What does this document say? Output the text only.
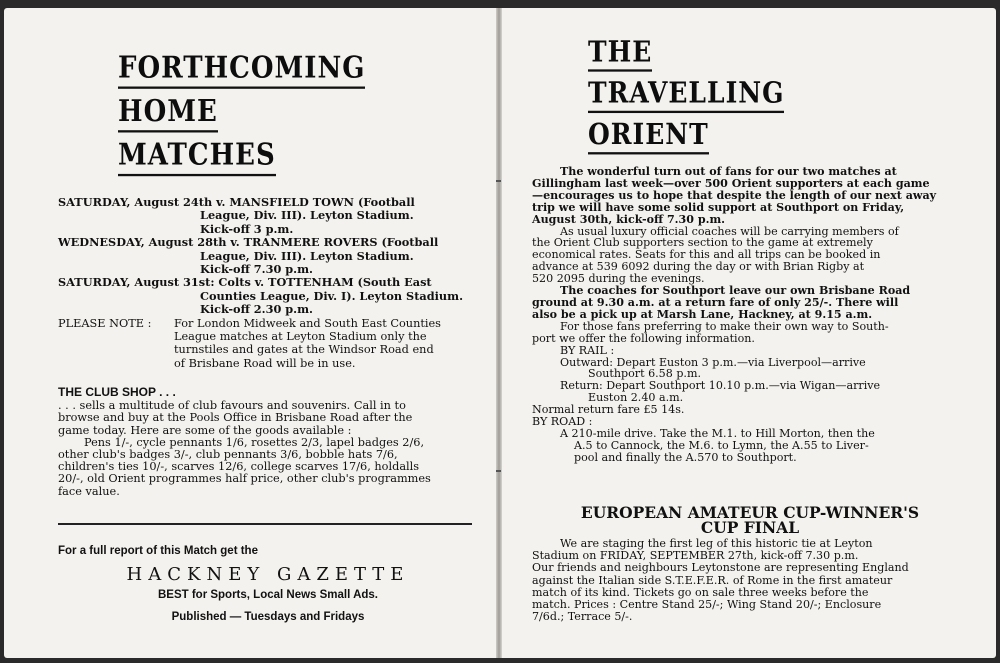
FORTHCOMING

HOME

MATCHES

SATURDAY, August 24th v. MANSFIELD TOWN (Football

League, Div. III). Leyton Stadium.

Kick-off 3 p.m.

WEDNESDAY, August 28th v. TRANMERE ROVERS (Football

League, Div. III). Leyton Stadium.

Kick-off 7.30 p.m.

SATURDAY, August 31st: Colts v. TOTTENHAM (South East

Counties League, Div. I). Leyton Stadium.

Kick-off 2.30 p.m.

PLEASE NOTE :	For London Midweek and South East Counties

League matches at Leyton Stadium only the

turnstiles and gates at the Windsor Road end

of Brisbane Road will be in use.

THE CLUB SHOP . . .

. . . sells a multitude of club favours and souvenirs. Call in to

browse and buy at the Pools Office in Brisbane Road after the

game today. Here are some of the goods available :

Pens 1/-, cycle pennants 1/6, rosettes 2/3, lapel badges 2/6,

other club's badges 3/-, club pennants 3/6, bobble hats 7/6,

children's ties 10/-, scarves 12/6, college scarves 17/6, holdalls

20/-, old Orient programmes half price, other club's programmes

face value.

For a full report of this Match get the

HACKNEY GAZETTE

BEST for Sports, Local News Small Ads.

Published — Tuesdays and Fridays

THE

TRAVELLING

ORIENT

The wonderful turn out of fans for our two matches at

Gillingham last week—over 500 Orient supporters at each game

—encourages us to hope that despite the length of our next away

trip we will have some solid support at Southport on Friday,

August 30th, kick-off 7.30 p.m.

As usual luxury official coaches will be carrying members of

the Orient Club supporters section to the game at extremely

economical rates. Seats for this and all trips can be booked in

advance at 539 6092 during the day or with Brian Rigby at

520 2095 during the evenings.

The coaches for Southport leave our own Brisbane Road

ground at 9.30 a.m. at a return fare of only 25/-. There will

also be a pick up at Marsh Lane, Hackney, at 9.15 a.m.

For those fans preferring to make their own way to South-

port we offer the following information.

BY RAIL :

Outward: Depart Euston 3 p.m.—via Liverpool—arrive

Southport 6.58 p.m.

Return: Depart Southport 10.10 p.m.—via Wigan—arrive

Euston 2.40 a.m.

Normal return fare £5 14s.

BY ROAD :

A 210-mile drive. Take the M.1. to Hill Morton, then the

A.5 to Cannock, the M.6. to Lymn, the A.55 to Liver-

pool and finally the A.570 to Southport.

EUROPEAN AMATEUR CUP-WINNER'S

CUP FINAL

We are staging the first leg of this historic tie at Leyton

Stadium on FRIDAY, SEPTEMBER 27th, kick-off 7.30 p.m.

Our friends and neighbours Leytonstone are representing England

against the Italian side S.T.E.F.E.R. of Rome in the first amateur

match of its kind. Tickets go on sale three weeks before the

match. Prices : Centre Stand 25/-; Wing Stand 20/-; Enclosure

7/6d.; Terrace 5/-.
